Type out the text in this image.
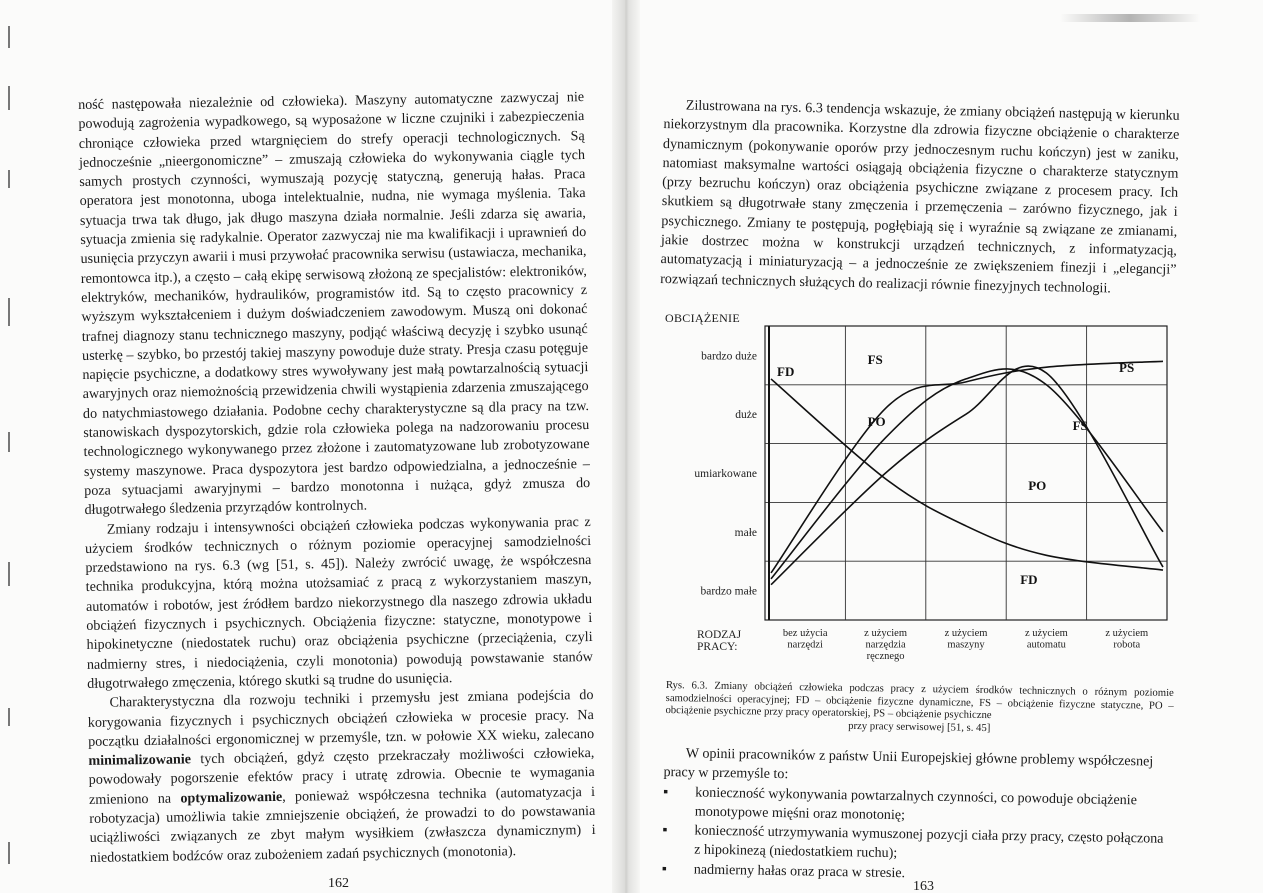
ność następowała niezależnie od człowieka). Maszyny automatyczne zazwyczaj nie powodują zagrożenia wypadkowego, są wyposażone w liczne czujniki i zabezpieczenia chroniące człowieka przed wtargnięciem do strefy operacji technologicznych. Są jednocześnie „nieergonomiczne” – zmuszają człowieka do wykonywania ciągle tych samych prostych czynności, wymuszają pozycję statyczną, generują hałas. Praca operatora jest monotonna, uboga intelektualnie, nudna, nie wymaga myślenia. Taka sytuacja trwa tak długo, jak długo maszyna działa normalnie. Jeśli zdarza się awaria, sytuacja zmienia się radykalnie. Operator zazwyczaj nie ma kwalifikacji i uprawnień do usunięcia przyczyn awarii i musi przywołać pracownika serwisu (ustawiacza, mechanika, remontowca itp.), a często – całą ekipę serwisową złożoną ze specjalistów: elektroników, elektryków, mechaników, hydraulików, programistów itd. Są to często pracownicy z wyższym wykształceniem i dużym doświadczeniem zawodowym. Muszą oni dokonać trafnej diagnozy stanu technicznego maszyny, podjąć właściwą decyzję i szybko usunąć usterkę – szybko, bo przestój takiej maszyny powoduje duże straty. Presja czasu potęguje napięcie psychiczne, a dodatkowy stres wywoływany jest małą powtarzalnością sytuacji awaryjnych oraz niemożnością przewidzenia chwili wystąpienia zdarzenia zmuszającego do natychmiastowego działania. Podobne cechy charakterystyczne są dla pracy na tzw. stanowiskach dyspozytorskich, gdzie rola człowieka polega na nadzorowaniu procesu technologicznego wykonywanego przez złożone i zautomatyzowane lub zrobotyzowane systemy maszynowe. Praca dyspozytora jest bardzo odpowiedzialna, a jednocześnie – poza sytuacjami awaryjnymi – bardzo monotonna i nużąca, gdyż zmusza do długotrwałego śledzenia przyrządów kontrolnych.

Zmiany rodzaju i intensywności obciążeń człowieka podczas wykonywania prac z użyciem środków technicznych o różnym poziomie operacyjnej samodzielności przedstawiono na rys. 6.3 (wg [51, s. 45]). Należy zwrócić uwagę, że współczesna technika produkcyjna, którą można utożsamiać z pracą z wykorzystaniem maszyn, automatów i robotów, jest źródłem bardzo niekorzystnego dla naszego zdrowia układu obciążeń fizycznych i psychicznych. Obciążenia fizyczne: statyczne, monotypowe i hipokinetyczne (niedostatek ruchu) oraz obciążenia psychiczne (przeciążenia, czyli nadmierny stres, i niedociążenia, czyli monotonia) powodują powstawanie stanów długotrwałego zmęczenia, którego skutki są trudne do usunięcia.

Charakterystyczna dla rozwoju techniki i przemysłu jest zmiana podejścia do korygowania fizycznych i psychicznych obciążeń człowieka w procesie pracy. Na początku działalności ergonomicznej w przemyśle, tzn. w połowie XX wieku, zalecano minimalizowanie tych obciążeń, gdyż często przekraczały możliwości człowieka, powodowały pogorszenie efektów pracy i utratę zdrowia. Obecnie te wymagania zmieniono na optymalizowanie, ponieważ współczesna technika (automatyzacja i robotyzacja) umożliwia takie zmniejszenie obciążeń, że prowadzi to do powstawania uciążliwości związanych ze zbyt małym wysiłkiem (zwłaszcza dynamicznym) i niedostatkiem bodźców oraz zubożeniem zadań psychicznych (monotonia).

162

Zilustrowana na rys. 6.3 tendencja wskazuje, że zmiany obciążeń następują w kierunku niekorzystnym dla pracownika. Korzystne dla zdrowia fizyczne obciążenie o charakterze dynamicznym (pokonywanie oporów przy jednoczesnym ruchu kończyn) jest w zaniku, natomiast maksymalne wartości osiągają obciążenia fizyczne o charakterze statycznym (przy bezruchu kończyn) oraz obciążenia psychiczne związane z procesem pracy. Ich skutkiem są długotrwałe stany zmęczenia i przemęczenia – zarówno fizycznego, jak i psychicznego. Zmiany te postępują, pogłębiają się i wyraźnie są związane ze zmianami, jakie dostrzec można w konstrukcji urządzeń technicznych, z informatyzacją, automatyzacją i miniaturyzacją – a jednocześnie ze zwiększeniem finezji i „elegancji” rozwiązań technicznych służących do realizacji równie finezyjnych technologii.

OBCIĄŻENIE
bardzo małe
małe
umiarkowane
duże
bardzo duże
RODZAJ
PRACY:
bez użycia
narzędzi
z użyciem
narzędzia
ręcznego
z użyciem
maszyny
z użyciem
automatu
z użyciem
robota
FD
FS
PS
PO	FS
PO
FD
Rys. 6.3. Zmiany obciążeń człowieka podczas pracy z użyciem środków technicznych o różnym poziomie samodzielności operacyjnej; FD – obciążenie fizyczne dynamiczne, FS – obciążenie fizyczne statyczne, PO – obciążenie psychiczne przy pracy operatorskiej, PS – obciążenie psychiczne
przy pracy serwisowej [51, s. 45]

W opinii pracowników z państw Unii Europejskiej główne problemy współczesnej pracy w przemyśle to:

▪ konieczność wykonywania powtarzalnych czynności, co powoduje obciążenie monotypowe mięśni oraz monotonię;
▪ konieczność utrzymywania wymuszonej pozycji ciała przy pracy, często połączona z hipokinezą (niedostatkiem ruchu);
▪ nadmierny hałas oraz praca w stresie.
163
